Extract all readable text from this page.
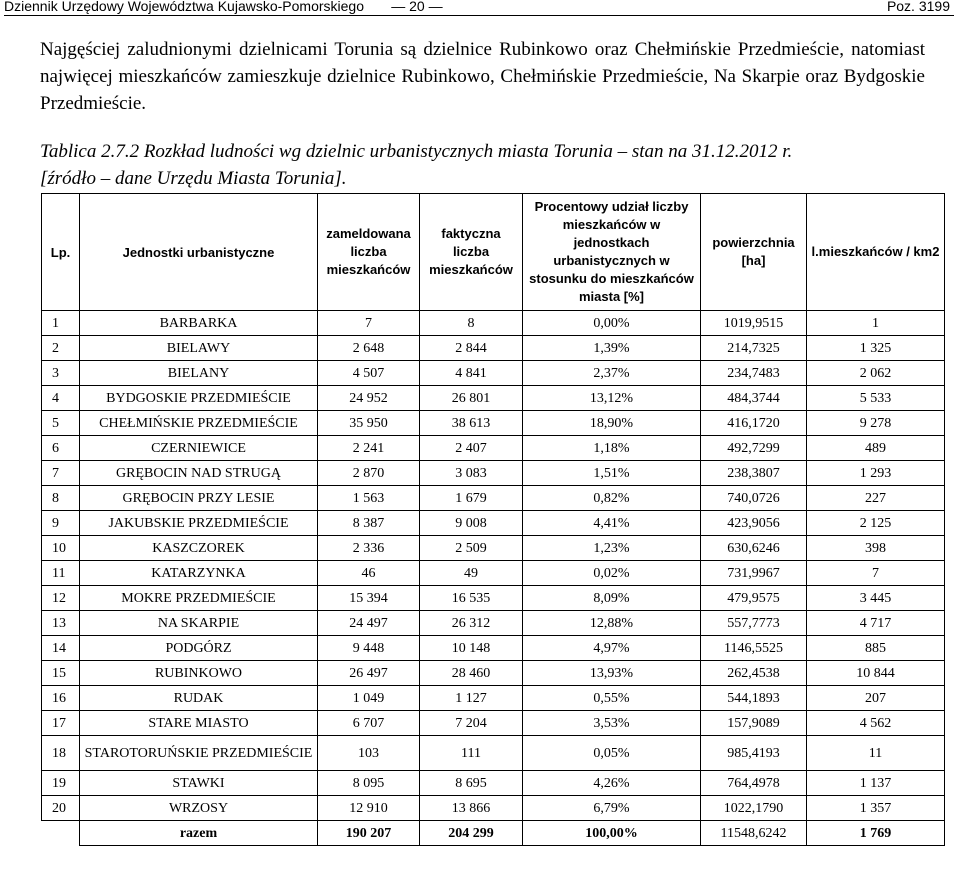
Dziennik Urzędowy Województwa Kujawsko-Pomorskiego — 20 —	Poz. 3199

Najgęściej zaludnionymi dzielnicami Torunia są dzielnice Rubinkowo oraz Chełmińskie Przedmieście, natomiast najwięcej mieszkańców zamieszkuje dzielnice Rubinkowo, Chełmińskie Przedmieście, Na Skarpie oraz Bydgoskie Przedmieście.

Tablica 2.7.2 Rozkład ludności wg dzielnic urbanistycznych miasta Torunia – stan na 31.12.2012 r.
[źródło – dane Urzędu Miasta Torunia].
Lp.	Jednostki urbanistyczne	zameldowana liczba mieszkańców	faktyczna liczba mieszkańców	Procentowy udział liczby mieszkańców w jednostkach urbanistycznych w stosunku do mieszkańców miasta [%]	powierzchnia [ha]	l.mieszkańców / km2
1	BARBARKA	7	8	0,00%	1019,9515	1
2	BIELAWY	2 648	2 844	1,39%	214,7325	1 325
3	BIELANY	4 507	4 841	2,37%	234,7483	2 062
4	BYDGOSKIE PRZEDMIEŚCIE	24 952	26 801	13,12%	484,3744	5 533
5	CHEŁMIŃSKIE PRZEDMIEŚCIE	35 950	38 613	18,90%	416,1720	9 278
6	CZERNIEWICE	2 241	2 407	1,18%	492,7299	489
7	GRĘBOCIN NAD STRUGĄ	2 870	3 083	1,51%	238,3807	1 293
8	GRĘBOCIN PRZY LESIE	1 563	1 679	0,82%	740,0726	227
9	JAKUBSKIE PRZEDMIEŚCIE	8 387	9 008	4,41%	423,9056	2 125
10	KASZCZOREK	2 336	2 509	1,23%	630,6246	398
11	KATARZYNKA	46	49	0,02%	731,9967	7
12	MOKRE PRZEDMIEŚCIE	15 394	16 535	8,09%	479,9575	3 445
13	NA SKARPIE	24 497	26 312	12,88%	557,7773	4 717
14	PODGÓRZ	9 448	10 148	4,97%	1146,5525	885
15	RUBINKOWO	26 497	28 460	13,93%	262,4538	10 844
16	RUDAK	1 049	1 127	0,55%	544,1893	207
17	STARE MIASTO	6 707	7 204	3,53%	157,9089	4 562
18	STAROTORUŃSKIE PRZEDMIEŚCIE	103	111	0,05%	985,4193	11
19	STAWKI	8 095	8 695	4,26%	764,4978	1 137
20	WRZOSY	12 910	13 866	6,79%	1022,1790	1 357
	razem	190 207	204 299	100,00%	11548,6242	1 769
